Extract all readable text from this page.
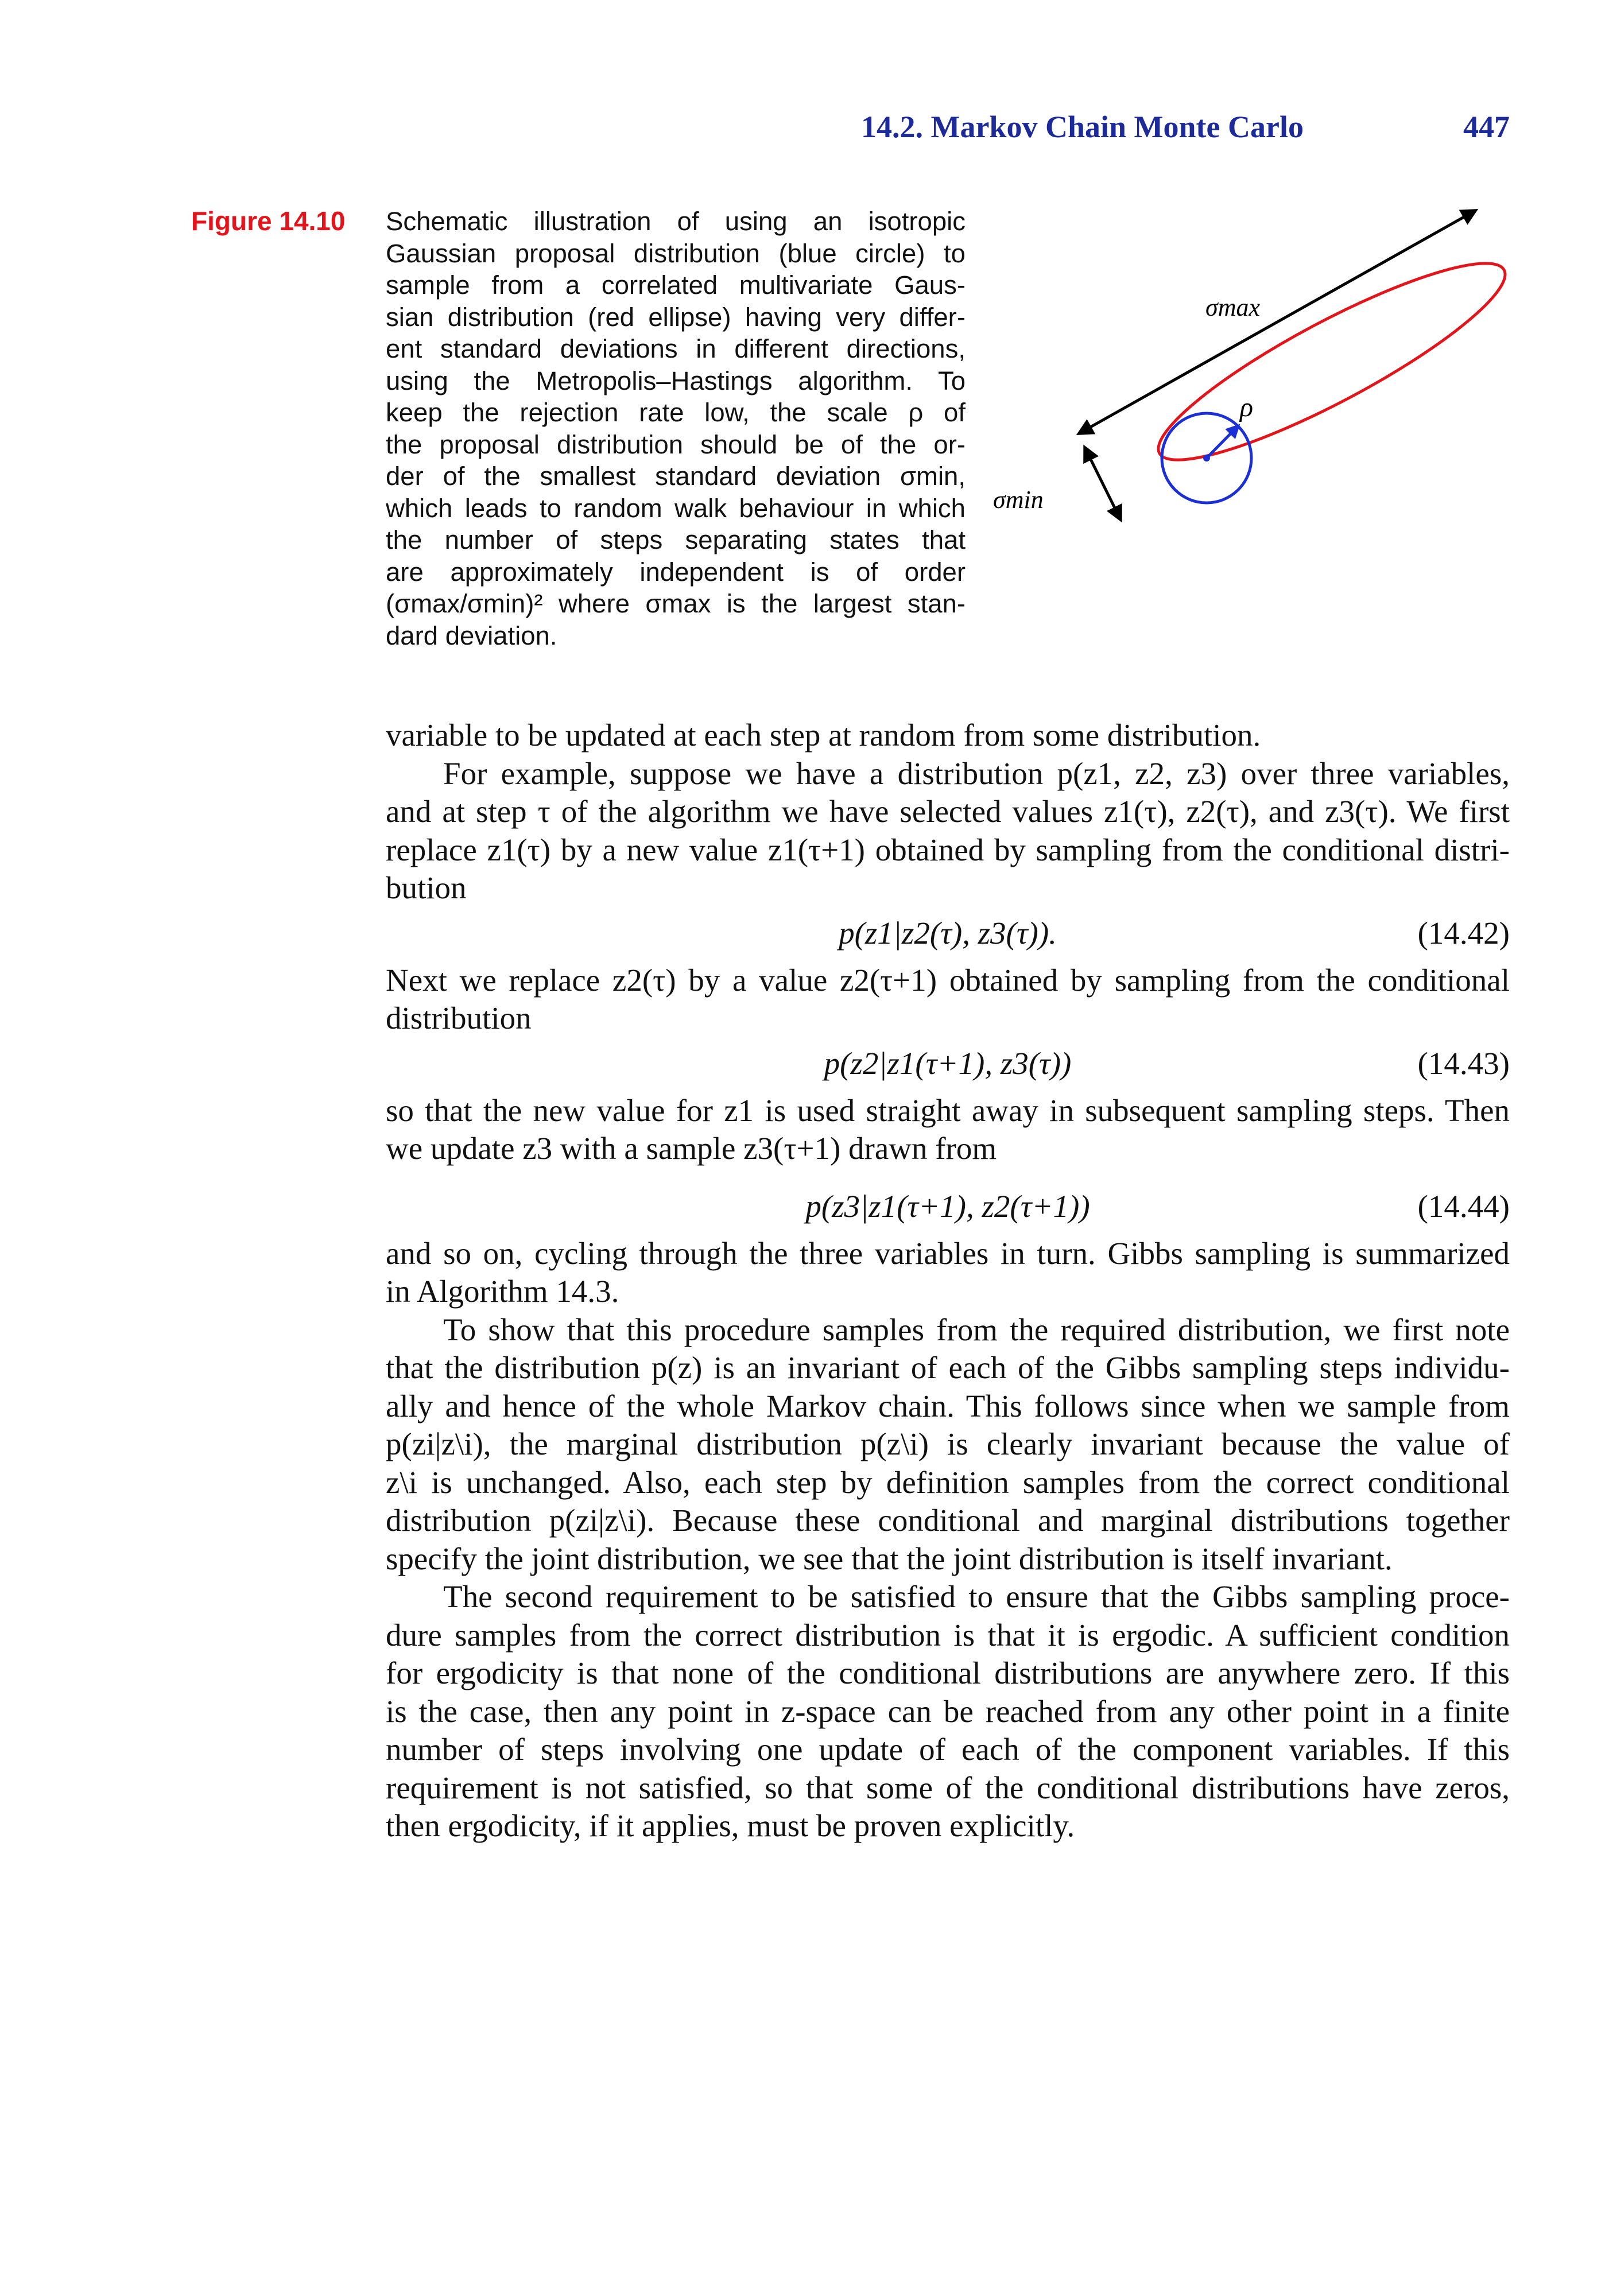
14.2. Markov Chain Monte Carlo	447
Figure 14.10 Schematic illustration of using an isotropic
Gaussian proposal distribution (blue circle) to
sample from a correlated multivariate Gaus-
sian distribution (red ellipse) having very differ-
ent standard deviations in different directions,
using the Metropolis–Hastings algorithm. To
keep the rejection rate low, the scale ρ of
the proposal distribution should be of the or-
der of the smallest standard deviation σmin,
which leads to random walk behaviour in which
the number of steps separating states that
are approximately independent is of order
(σmax/σmin)² where σmax is the largest stan-
dard deviation.
σmax
ρ
σmin

variable to be updated at each step at random from some distribution.

For example, suppose we have a distribution p(z1, z2, z3) over three variables,
and at step τ of the algorithm we have selected values z1(τ), z2(τ), and z3(τ). We first
replace z1(τ) by a new value z1(τ+1) obtained by sampling from the conditional distri-
bution

p(z1|z2(τ), z3(τ)).	(14.42)

Next we replace z2(τ) by a value z2(τ+1) obtained by sampling from the conditional
distribution

p(z2|z1(τ+1), z3(τ))	(14.43)

so that the new value for z1 is used straight away in subsequent sampling steps. Then
we update z3 with a sample z3(τ+1) drawn from

p(z3|z1(τ+1), z2(τ+1))	(14.44)

and so on, cycling through the three variables in turn. Gibbs sampling is summarized
in Algorithm 14.3.

To show that this procedure samples from the required distribution, we first note
that the distribution p(z) is an invariant of each of the Gibbs sampling steps individu-
ally and hence of the whole Markov chain. This follows since when we sample from
p(zi|z\i), the marginal distribution p(z\i) is clearly invariant because the value of
z\i is unchanged. Also, each step by definition samples from the correct conditional
distribution p(zi|z\i). Because these conditional and marginal distributions together
specify the joint distribution, we see that the joint distribution is itself invariant.

The second requirement to be satisfied to ensure that the Gibbs sampling proce-
dure samples from the correct distribution is that it is ergodic. A sufficient condition
for ergodicity is that none of the conditional distributions are anywhere zero. If this
is the case, then any point in z-space can be reached from any other point in a finite
number of steps involving one update of each of the component variables. If this
requirement is not satisfied, so that some of the conditional distributions have zeros,
then ergodicity, if it applies, must be proven explicitly.
